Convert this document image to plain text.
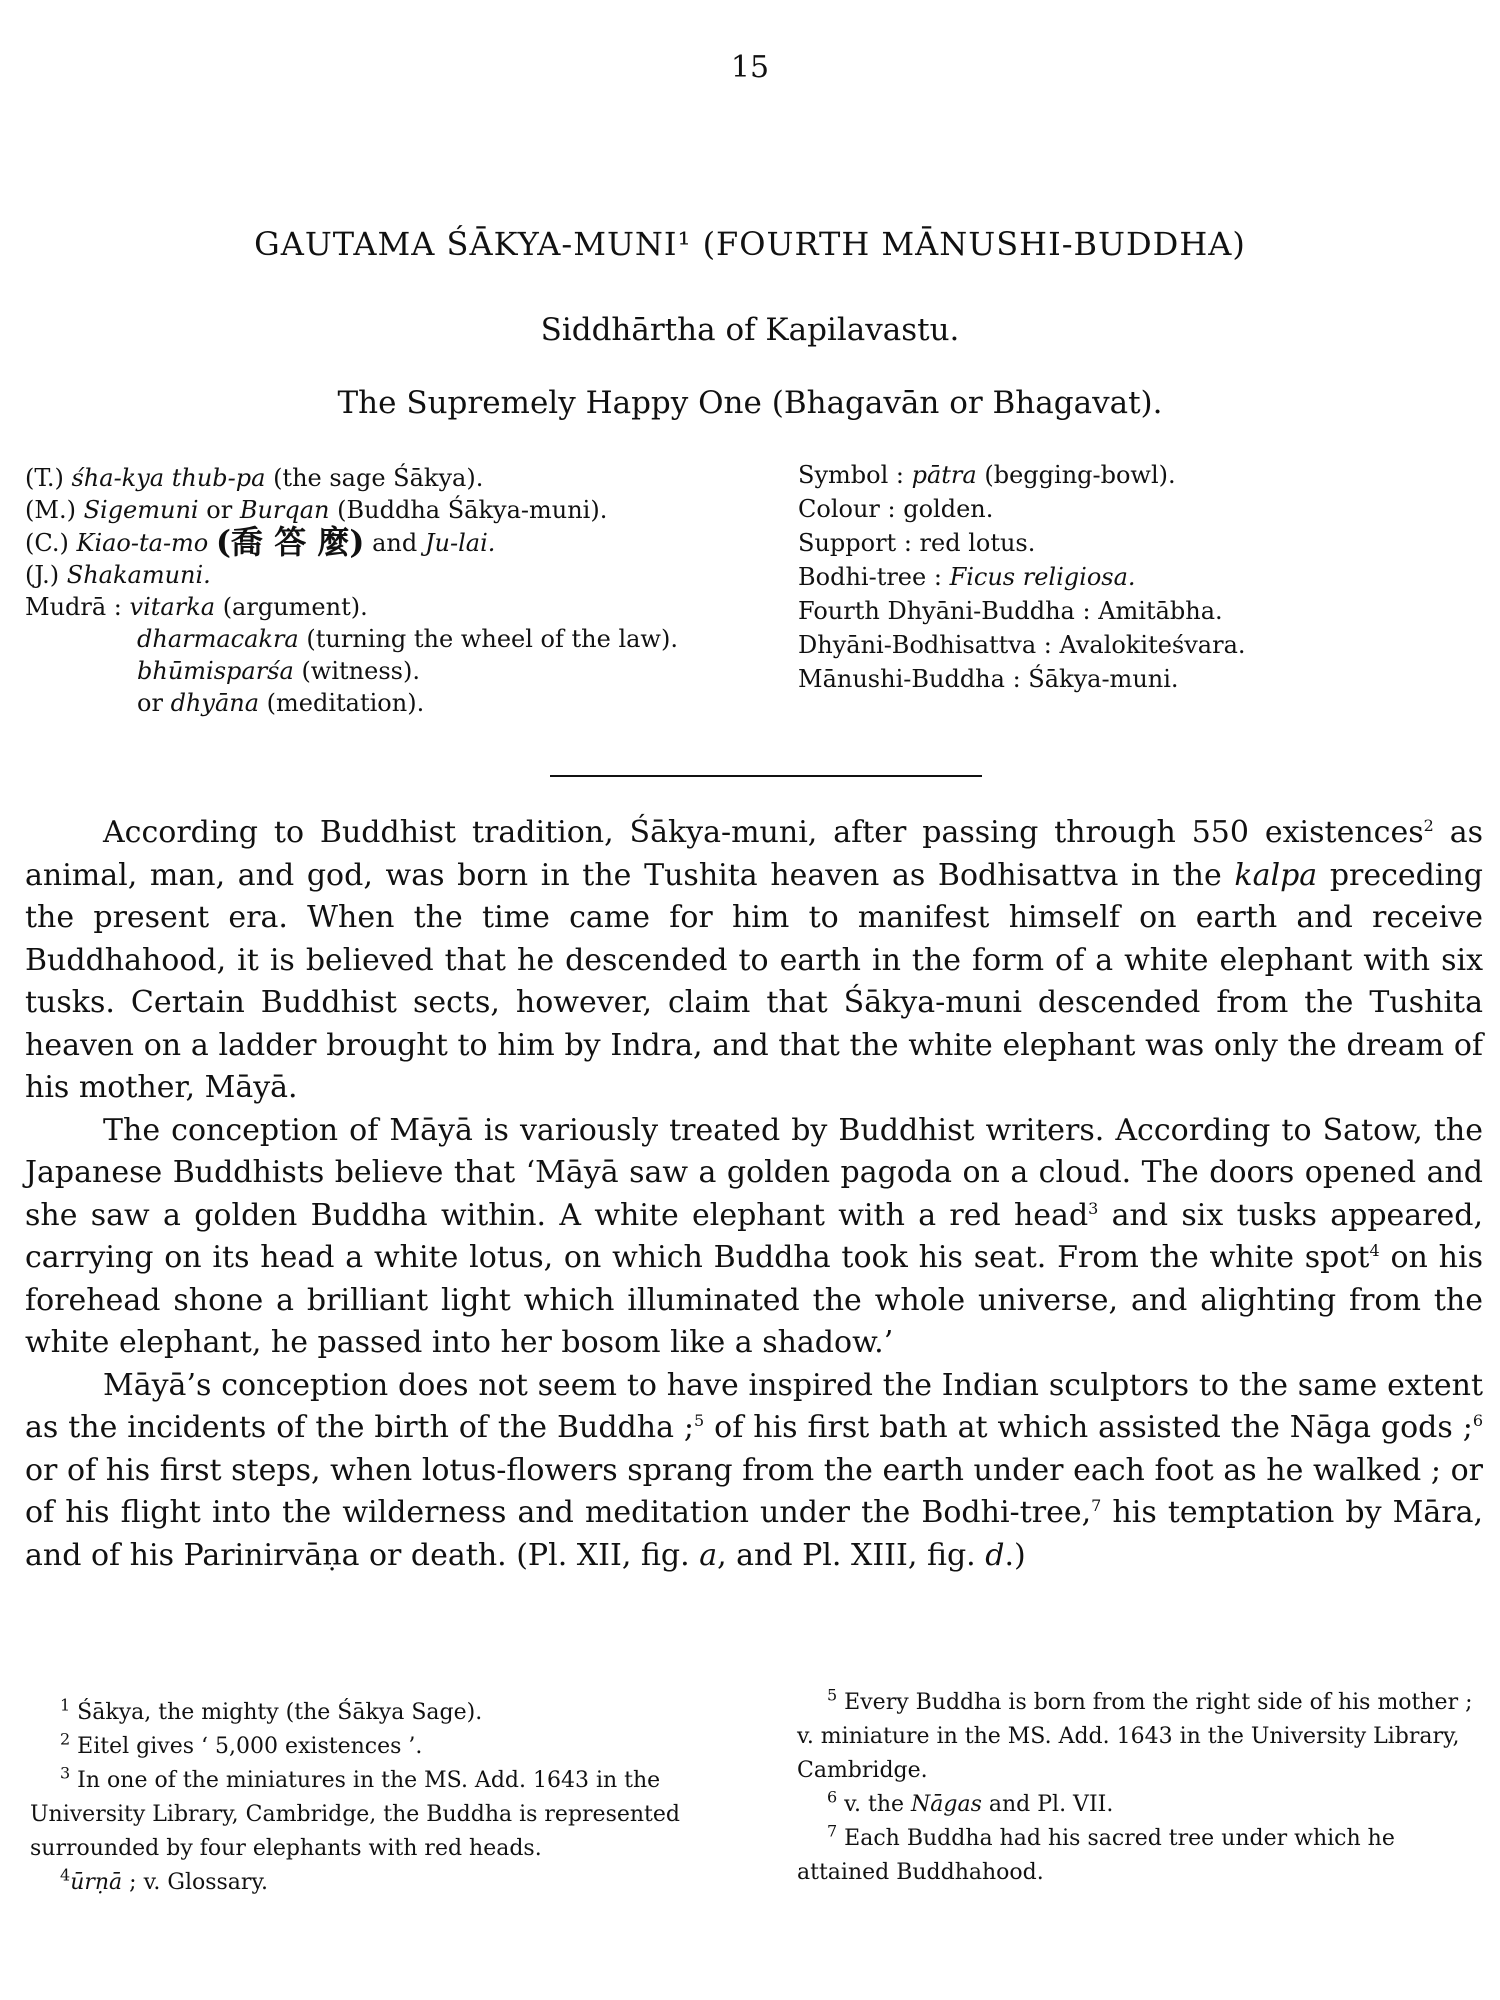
15
GAUTAMA ŚĀKYA-MUNI¹ (FOURTH MĀNUSHI-BUDDHA)
Siddhārtha of Kapilavastu.
The Supremely Happy One (Bhagavān or Bhagavat).
(T.) śha-kya thub-pa (the sage Śākya).
(M.) Sigemuni or Burqan (Buddha Śākya-muni).
(C.) Kiao-ta-mo (喬 答 麼) and Ju-lai.
(J.) Shakamuni.
Mudrā : vitarka (argument).
dharmacakra (turning the wheel of the law).
bhūmisparśa (witness).
or dhyāna (meditation).
Symbol : pātra (begging-bowl).
Colour : golden.
Support : red lotus.
Bodhi-tree : Ficus religiosa.
Fourth Dhyāni-Buddha : Amitābha.
Dhyāni-Bodhisattva : Avalokiteśvara.
Mānushi-Buddha : Śākya-muni.

According to Buddhist tradition, Śākya-muni, after passing through 550 existences$^2$ as animal, man, and god, was born in the Tushita heaven as Bodhisattva in the kalpa preceding the present era. When the time came for him to manifest himself on earth and receive Buddhahood, it is believed that he descended to earth in the form of a white elephant with six tusks. Certain Buddhist sects, however, claim that Śākya-muni descended from the Tushita heaven on a ladder brought to him by Indra, and that the white elephant was only the dream of his mother, Māyā.

The conception of Māyā is variously treated by Buddhist writers. According to Satow, the Japanese Buddhists believe that ‘Māyā saw a golden pagoda on a cloud. The doors opened and she saw a golden Buddha within. A white elephant with a red head$^3$ and six tusks appeared, carrying on its head a white lotus, on which Buddha took his seat. From the white spot$^4$ on his forehead shone a brilliant light which illuminated the whole universe, and alighting from the white elephant, he passed into her bosom like a shadow.’

Māyā’s conception does not seem to have inspired the Indian sculptors to the same extent as the incidents of the birth of the Buddha ;$^5$ of his first bath at which assisted the Nāga gods ;$^6$ or of his first steps, when lotus-flowers sprang from the earth under each foot as he walked ; or of his flight into the wilderness and meditation under the Bodhi-tree,$^7$ his temptation by Māra, and of his Parinirvāṇa or death. (Pl. XII, fig. a, and Pl. XIII, fig. d.)

$^1$ Śākya, the mighty (the Śākya Sage).
$^2$ Eitel gives ‘ 5,000 existences ’.
$^3$ In one of the miniatures in the MS. Add. 1643 in the University Library, Cambridge, the Buddha is represented surrounded by four elephants with red heads.
$^4$ūrṇā ; v. Glossary.
$^5$ Every Buddha is born from the right side of his mother ; v. miniature in the MS. Add. 1643 in the University Library, Cambridge.
$^6$ v. the Nāgas and Pl. VII.
$^7$ Each Buddha had his sacred tree under which he attained Buddhahood.
